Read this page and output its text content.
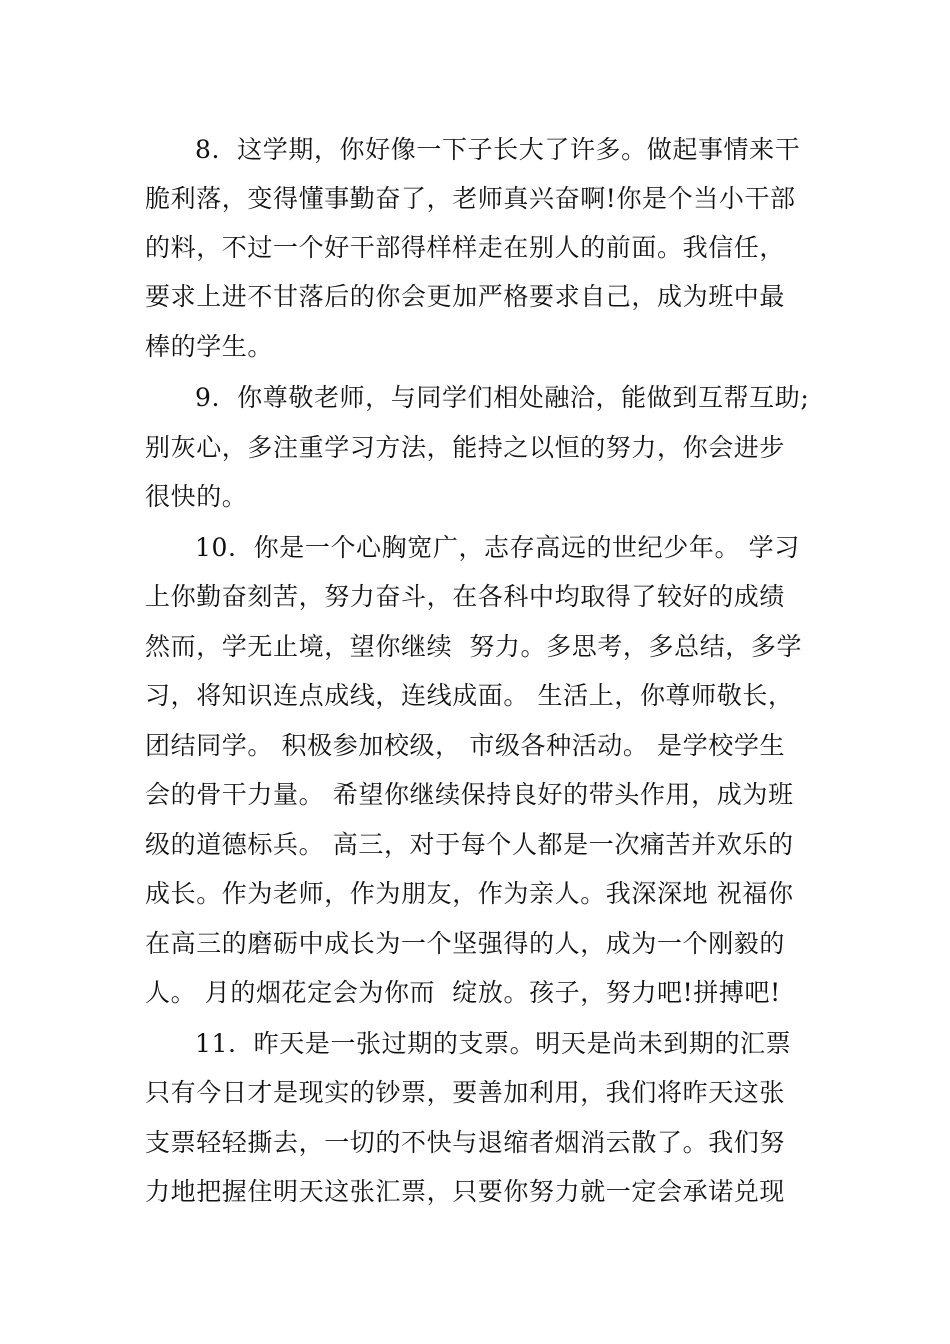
8.  这学期，你好像一下子长大了许多。做起事情来干
脆利落，变得懂事勤奋了，老师真兴奋啊!你是个当小干部
的料，不过一个好干部得样样走在别人的前面。我信任，
要求上进不甘落后的你会更加严格要求自己，成为班中最
棒的学生。
9.  你尊敬老师，与同学们相处融洽，能做到互帮互助;
别灰心，多注重学习方法，能持之以恒的努力，你会进步
很快的。
10.  你是一个心胸宽广，志存高远的世纪少年。 学习
上你勤奋刻苦，努力奋斗，在各科中均取得了较好的成绩
然而，学无止境，望你继续  努力。多思考，多总结，多学
习，将知识连点成线，连线成面。 生活上，你尊师敬长，
团结同学。 积极参加校级， 市级各种活动。 是学校学生
会的骨干力量。 希望你继续保持良好的带头作用，成为班
级的道德标兵。 高三，对于每个人都是一次痛苦并欢乐的
成长。作为老师，作为朋友，作为亲人。我深深地 祝福你
在高三的磨砺中成长为一个坚强得的人，成为一个刚毅的
人。 月的烟花定会为你而  绽放。孩子，努力吧!拼搏吧!
11.  昨天是一张过期的支票。明天是尚未到期的汇票
只有今日才是现实的钞票，要善加利用，我们将昨天这张
支票轻轻撕去，一切的不快与退缩者烟消云散了。我们努
力地把握住明天这张汇票，只要你努力就一定会承诺兑现
